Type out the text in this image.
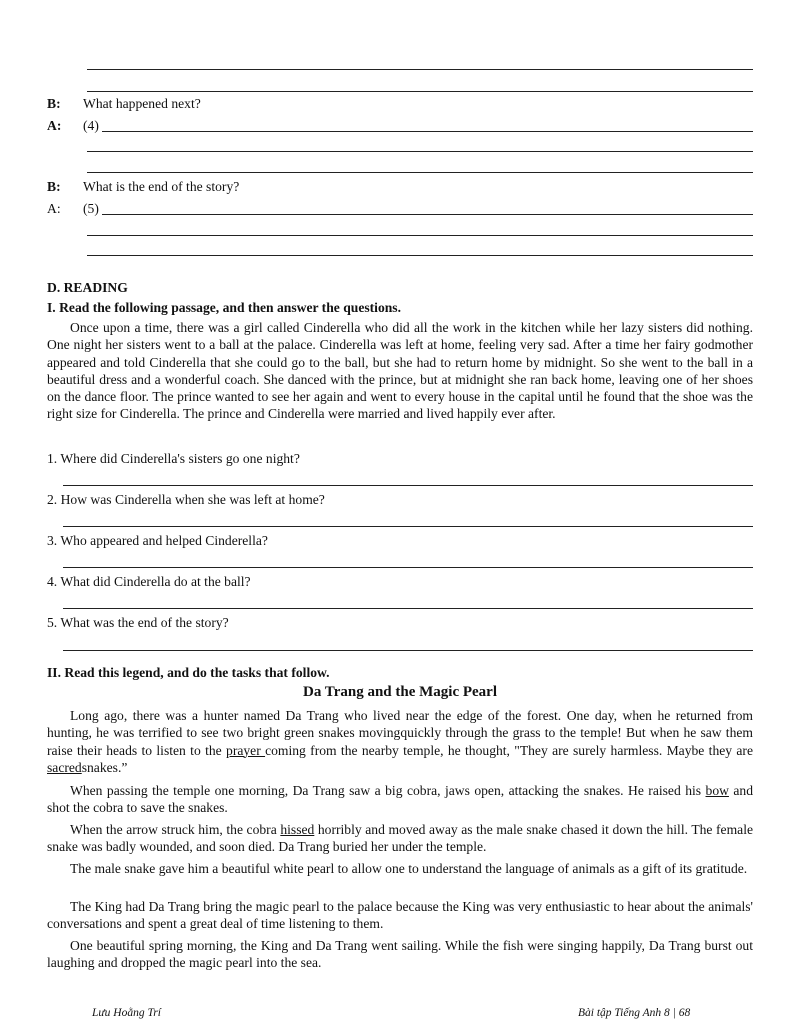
B: What happened next?
A: (4)
B: What is the end of the story?
A: (5)
D. READING
I. Read the following passage, and then answer the questions.
Once upon a time, there was a girl called Cinderella who did all the work in the kitchen while her lazy sisters did nothing. One night her sisters went to a ball at the palace. Cinderella was left at home, feeling very sad. After a time her fairy godmother appeared and told Cinderella that she could go to the ball, but she had to return home by midnight. So she went to the ball in a beautiful dress and a wonderful coach. She danced with the prince, but at midnight she ran back home, leaving one of her shoes on the dance floor. The prince wanted to see her again and went to every house in the capital until he found that the shoe was the right size for Cinderella. The prince and Cinderella were married and lived happily ever after.
1. Where did Cinderella's sisters go one night?
2. How was Cinderella when she was left at home?
3. Who appeared and helped Cinderella?
4. What did Cinderella do at the ball?
5. What was the end of the story?
II. Read this legend, and do the tasks that follow.
Da Trang and the Magic Pearl
Long ago, there was a hunter named Da Trang who lived near the edge of the forest. One day, when he returned from hunting, he was terrified to see two bright green snakes movingquickly through the grass to the temple! But when he saw them raise their heads to listen to the prayer coming from the nearby temple, he thought, "They are surely harmless. Maybe they are sacredsnakes.”
When passing the temple one morning, Da Trang saw a big cobra, jaws open, attacking the snakes. He raised his bow and shot the cobra to save the snakes.
When the arrow struck him, the cobra hissed horribly and moved away as the male snake chased it down the hill. The female snake was badly wounded, and soon died. Da Trang buried her under the temple.
The male snake gave him a beautiful white pearl to allow one to understand the language of animals as a gift of its gratitude.
The King had Da Trang bring the magic pearl to the palace because the King was very enthusiastic to hear about the animals' conversations and spent a great deal of time listening to them.
One beautiful spring morning, the King and Da Trang went sailing. While the fish were singing happily, Da Trang burst out laughing and dropped the magic pearl into the sea.
Lưu Hoằng Trí	Bài tập Tiếng Anh 8 | 68
